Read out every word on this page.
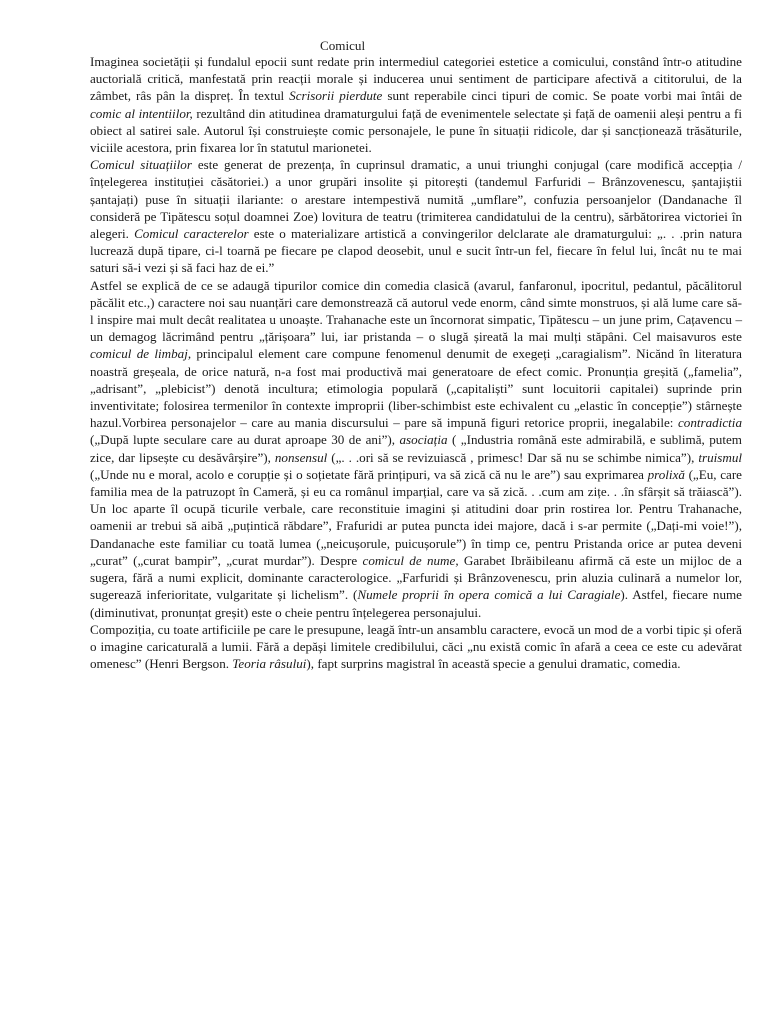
Comicul

Imaginea societății și fundalul epocii sunt redate prin intermediul categoriei estetice a comicului, constând într-o atitudine auctorială critică, manfestată prin reacții morale și inducerea unui sentiment de participare afectivă a cititorului, de la zâmbet, râs pân la dispreț. În textul Scrisorii pierdute sunt reperabile cinci tipuri de comic. Se poate vorbi mai întâi de comic al intentiilor, rezultând din atitudinea dramaturgului față de evenimentele selectate și față de oamenii aleși pentru a fi obiect al satirei sale. Autorul își construiește comic personajele, le pune în situații ridicole, dar și sancționează trăsăturile, viciile acestora, prin fixarea lor în statutul marionetei.

Comicul situațiilor este generat de prezența, în cuprinsul dramatic, a unui triunghi conjugal (care modifică accepția / înțelegerea instituției căsătoriei.) a unor grupări insolite și pitorești (tandemul Farfuridi – Brânzovenescu, șantajiștii șantajați) puse în situații ilariante: o arestare intempestivă numită „umflare”, confuzia persoanjelor (Dandanache îl consideră pe Tipătescu soțul doamnei Zoe) lovitura de teatru (trimiterea candidatului de la centru), sărbătorirea victoriei în alegeri. Comicul caracterelor este o materializare artistică a convingerilor delclarate ale dramaturgului: „. . .prin natura lucrează după tipare, ci-l toarnă pe fiecare pe clapod deosebit, unul e sucit într-un fel, fiecare în felul lui, încât nu te mai saturi să-i vezi și să faci haz de ei.”

Astfel se explică de ce se adaugă tipurilor comice din comedia clasică (avarul, fanfaronul, ipocritul, pedantul, păcălitorul păcălit etc.,) caractere noi sau nuanțări care demonstrează că autorul vede enorm, când simte monstruos, și ală lume care să-l inspire mai mult decât realitatea u unoaște. Trahanache este un încornorat simpatic, Tipătescu – un june prim, Cațavencu – un demagog lăcrimând pentru „țărișoara” lui, iar pristanda – o slugă șireată la mai mulți stăpâni. Cel maisavuros este comicul de limbaj, principalul element care compune fenomenul denumit de exegeți „caragialism”. Nicănd în literatura noastră greșeala, de orice natură, n-a fost mai productivă mai generatoare de efect comic. Pronunția greșită („famelia”, „adrisant”, „plebicist”) denotă incultura; etimologia populară („capitaliști” sunt locuitorii capitalei) suprinde prin inventivitate; folosirea termenilor în contexte improprii (liber-schimbist este echivalent cu „elastic în concepție”) stârnește hazul.Vorbirea personajelor – care au mania discursului – pare să impună figuri retorice proprii, inegalabile: contradictia („După lupte seculare care au durat aproape 30 de ani”), asociația ( „Industria română este admirabilă, e sublimă, putem zice, dar lipsește cu desăvârșire”), nonsensul („. . .ori să se revizuiască , primesc! Dar să nu se schimbe nimica”), truismul („Unde nu e moral, acolo e corupție și o soțietate fără prințipuri, va să zică că nu le are”) sau exprimarea prolixă („Eu, care familia mea de la patruzopt în Cameră, și eu ca românul imparțial, care va să zică. . .cum am zițe. . .în sfârșit să trăiască”). Un loc aparte îl ocupă ticurile verbale, care reconstituie imagini și atitudini doar prin rostirea lor. Pentru Trahanache, oamenii ar trebui să aibă „puțintică răbdare”, Frafuridi ar putea puncta idei majore, dacă i s-ar permite („Dați-mi voie!”), Dandanache este familiar cu toată lumea („neicușorule, puicușorule”) în timp ce, pentru Pristanda orice ar putea deveni „curat” („curat bampir”, „curat murdar”). Despre comicul de nume, Garabet Ibrăibileanu afirmă că este un mijloc de a sugera, fără a numi explicit, dominante caracterologice. „Farfuridi și Brânzovenescu, prin aluzia culinară a numelor lor, sugerează inferioritate, vulgaritate și lichelism”. (Numele proprii în opera comică a lui Caragiale). Astfel, fiecare nume (diminutivat, pronunțat greșit) este o cheie pentru înțelegerea personajului.

Compoziția, cu toate artificiile pe care le presupune, leagă într-un ansamblu caractere, evocă un mod de a vorbi tipic și oferă o imagine caricaturală a lumii. Fără a depăși limitele credibilului, căci „nu există comic în afară a ceea ce este cu adevărat omenesc” (Henri Bergson. Teoria râsului), fapt surprins magistral în această specie a genului dramatic, comedia.
